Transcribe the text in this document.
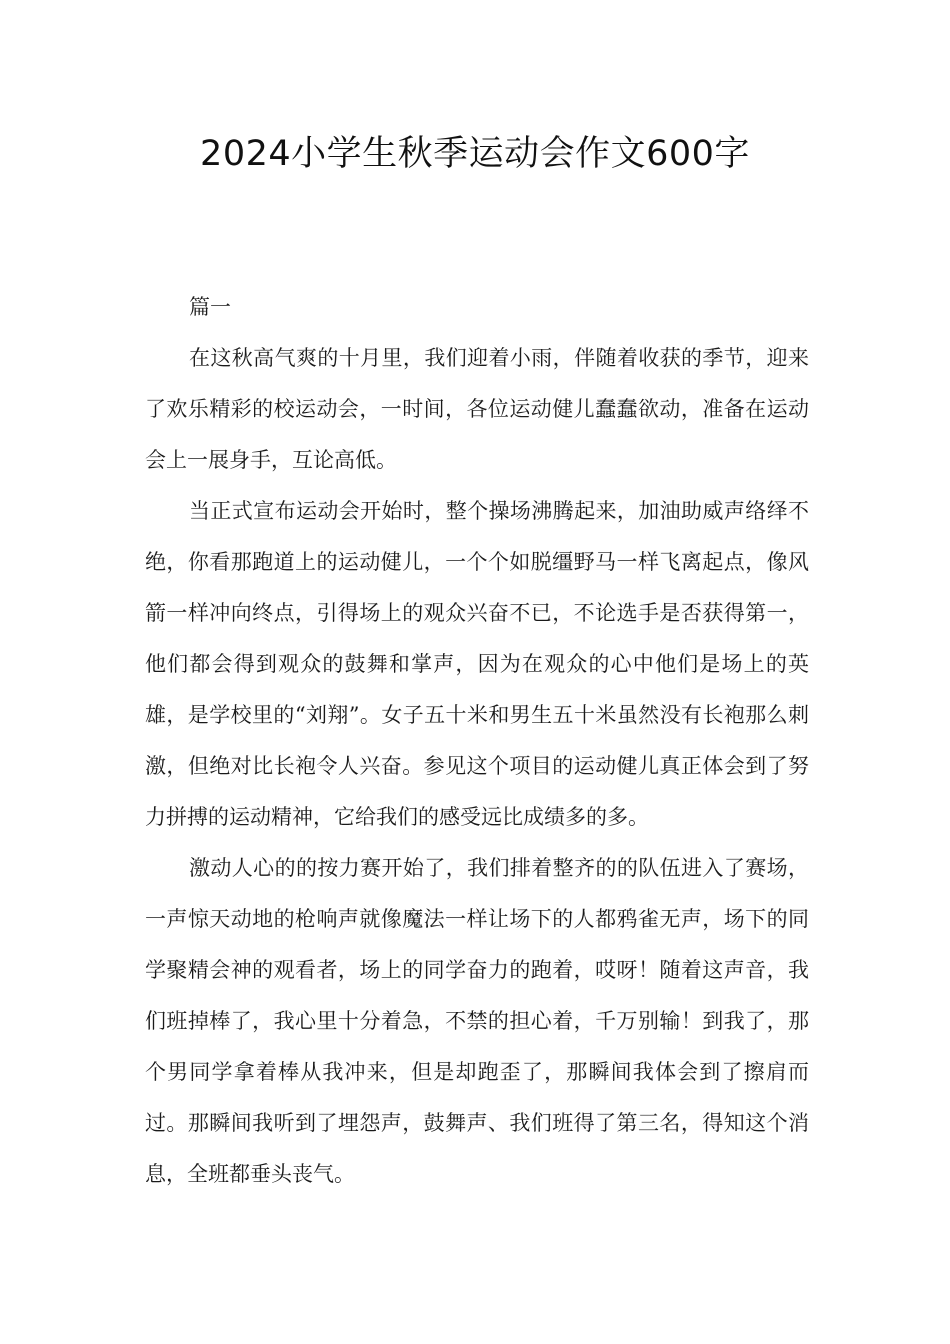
2024小学生秋季运动会作文600字

篇一

在这秋高气爽的十月里，我们迎着小雨，伴随着收获的季节，迎来了欢乐精彩的校运动会，一时间，各位运动健儿蠢蠢欲动，准备在运动会上一展身手，互论高低。

当正式宣布运动会开始时，整个操场沸腾起来，加油助威声络绎不绝，你看那跑道上的运动健儿，一个个如脱缰野马一样飞离起点，像风箭一样冲向终点，引得场上的观众兴奋不已，不论选手是否获得第一，他们都会得到观众的鼓舞和掌声，因为在观众的心中他们是场上的英雄，是学校里的“刘翔”。女子五十米和男生五十米虽然没有长袍那么刺激，但绝对比长袍令人兴奋。参见这个项目的运动健儿真正体会到了努力拼搏的运动精神，它给我们的感受远比成绩多的多。

激动人心的的按力赛开始了，我们排着整齐的的队伍进入了赛场，一声惊天动地的枪响声就像魔法一样让场下的人都鸦雀无声，场下的同学聚精会神的观看者，场上的同学奋力的跑着，哎呀！随着这声音，我们班掉棒了，我心里十分着急，不禁的担心着，千万别输！到我了，那个男同学拿着棒从我冲来，但是却跑歪了，那瞬间我体会到了擦肩而过。那瞬间我听到了埋怨声，鼓舞声、我们班得了第三名，得知这个消息，全班都垂头丧气。
